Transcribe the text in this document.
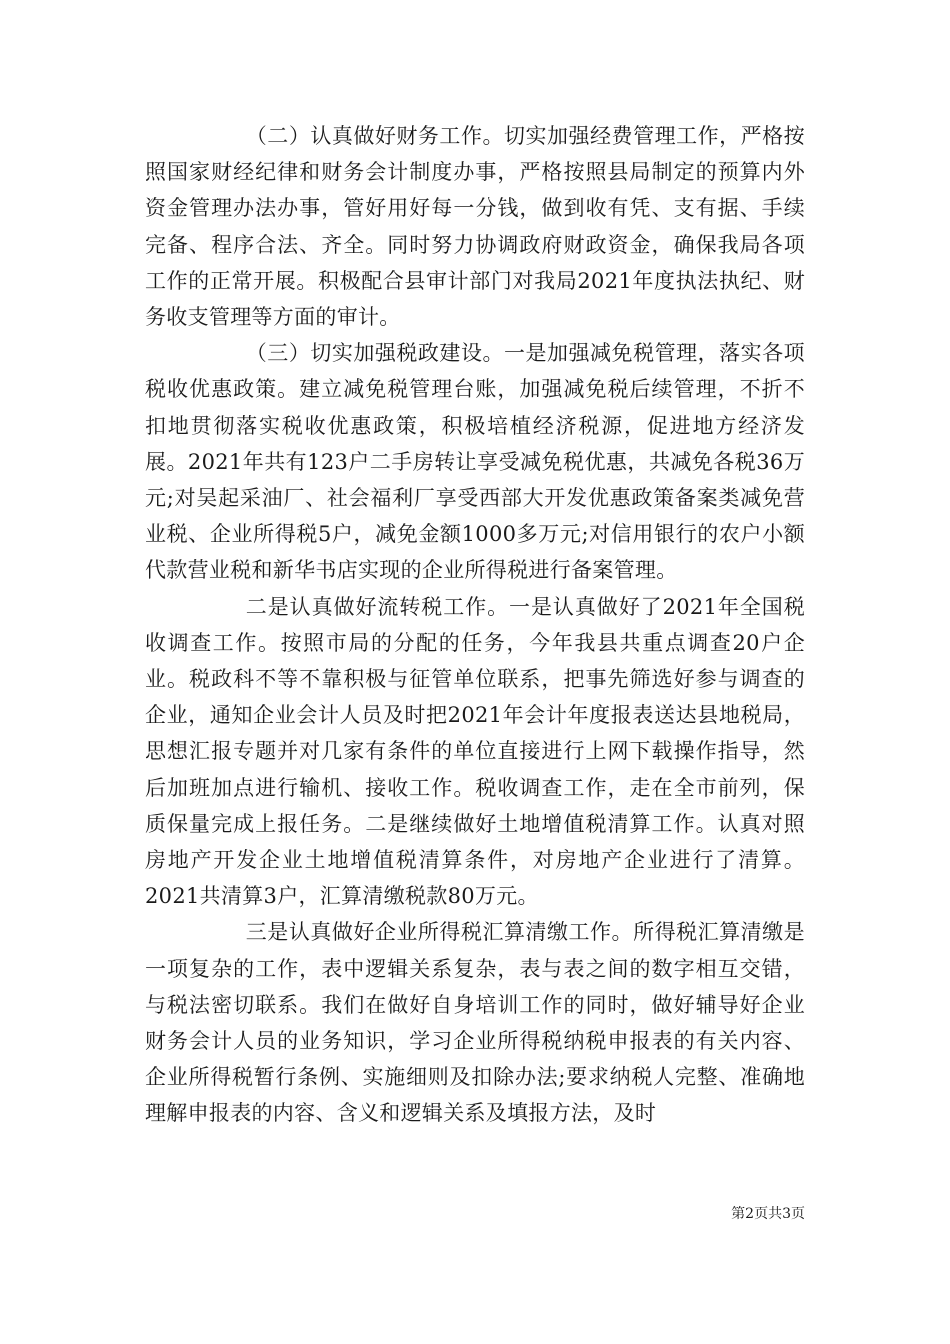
（二）认真做好财务工作。切实加强经费管理工作，严格按照国家财经纪律和财务会计制度办事，严格按照县局制定的预算内外资金管理办法办事，管好用好每一分钱，做到收有凭、支有据、手续完备、程序合法、齐全。同时努力协调政府财政资金，确保我局各项工作的正常开展。积极配合县审计部门对我局2021年度执法执纪、财务收支管理等方面的审计。

（三）切实加强税政建设。一是加强减免税管理，落实各项税收优惠政策。建立减免税管理台账，加强减免税后续管理，不折不扣地贯彻落实税收优惠政策，积极培植经济税源，促进地方经济发展。2021年共有123户二手房转让享受减免税优惠，共减免各税36万元;对吴起采油厂、社会福利厂享受西部大开发优惠政策备案类减免营业税、企业所得税5户，减免金额1000多万元;对信用银行的农户小额代款营业税和新华书店实现的企业所得税进行备案管理。

二是认真做好流转税工作。一是认真做好了2021年全国税收调查工作。按照市局的分配的任务，今年我县共重点调查20户企业。税政科不等不靠积极与征管单位联系，把事先筛选好参与调查的企业，通知企业会计人员及时把2021年会计年度报表送达县地税局，思想汇报专题并对几家有条件的单位直接进行上网下载操作指导，然后加班加点进行输机、接收工作。税收调查工作，走在全市前列，保质保量完成上报任务。二是继续做好土地增值税清算工作。认真对照房地产开发企业土地增值税清算条件，对房地产企业进行了清算。2021共清算3户，汇算清缴税款80万元。

三是认真做好企业所得税汇算清缴工作。所得税汇算清缴是一项复杂的工作，表中逻辑关系复杂，表与表之间的数字相互交错，与税法密切联系。我们在做好自身培训工作的同时，做好辅导好企业财务会计人员的业务知识，学习企业所得税纳税申报表的有关内容、企业所得税暂行条例、实施细则及扣除办法;要求纳税人完整、准确地理解申报表的内容、含义和逻辑关系及填报方法，及时

第2页共3页
